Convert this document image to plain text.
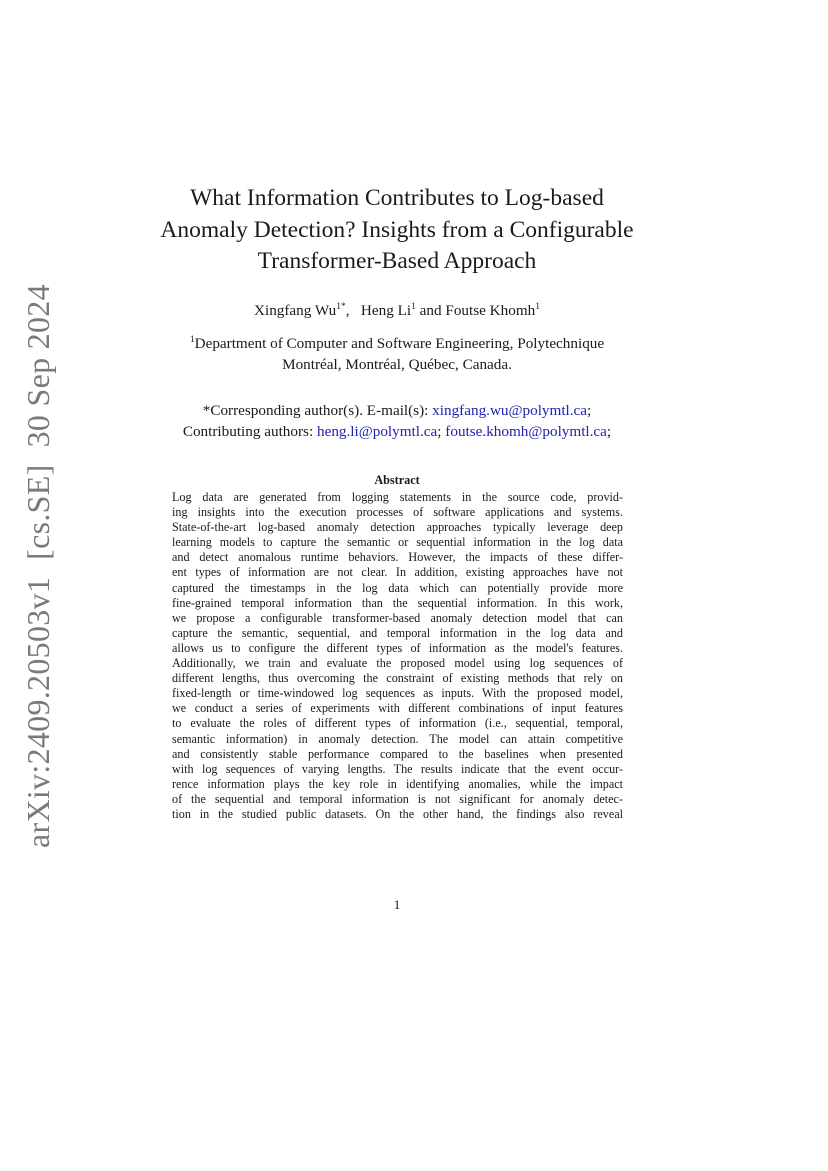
arXiv:2409.20503v1[cs.SE]30 Sep 2024
What Information Contributes to Log-based
Anomaly Detection? Insights from a Configurable
Transformer-Based Approach
Xingfang $Wu^{1*}$, Heng Li$^1$ and Foutse Khomh$^1$
$^1$Department of Computer and Software Engineering, Polytechnique
Montréal, Montréal, Québec, Canada.
*Corresponding author(s). E-mail(s): xingfang.wu@polymtl.ca;
Contributing authors: heng.li@polymtl.ca; foutse.khomh@polymtl.ca;
Abstract
Log data are generated from logging statements in the source code, provid-
ing insights into the execution processes of software applications and systems.
State-of-the-art log-based anomaly detection approaches typically leverage deep
learning models to capture the semantic or sequential information in the log data
and detect anomalous runtime behaviors. However, the impacts of these differ-
ent types of information are not clear. In addition, existing approaches have not
captured the timestamps in the log data which can potentially provide more
fine-grained temporal information than the sequential information. In this work,
we propose a configurable transformer-based anomaly detection model that can
capture the semantic, sequential, and temporal information in the log data and
allows us to configure the different types of information as the model's features.
Additionally, we train and evaluate the proposed model using log sequences of
different lengths, thus overcoming the constraint of existing methods that rely on
fixed-length or time-windowed log sequences as inputs. With the proposed model,
we conduct a series of experiments with different combinations of input features
to evaluate the roles of different types of information (i.e., sequential, temporal,
semantic information) in anomaly detection. The model can attain competitive
and consistently stable performance compared to the baselines when presented
with log sequences of varying lengths. The results indicate that the event occur-
rence information plays the key role in identifying anomalies, while the impact
of the sequential and temporal information is not significant for anomaly detec-
tion in the studied public datasets. On the other hand, the findings also reveal
1
